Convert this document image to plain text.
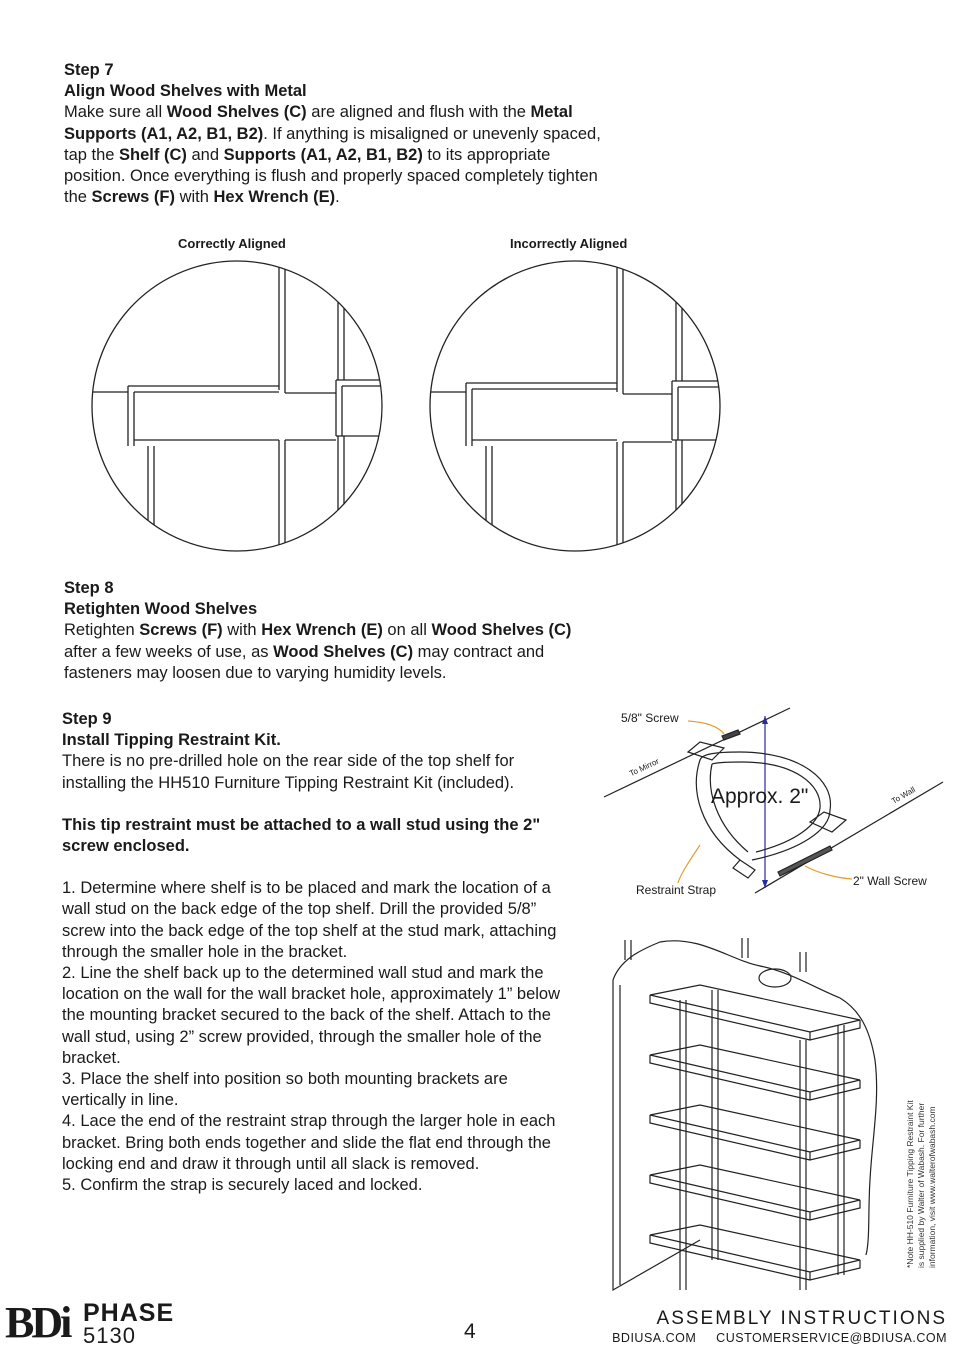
Step 7
Align Wood Shelves with Metal
Make sure all Wood Shelves (C) are aligned and flush with the Metal Supports (A1, A2, B1, B2). If anything is misaligned or unevenly spaced, tap the Shelf (C) and Supports (A1, A2, B1, B2) to its appropriate position. Once everything is flush and properly spaced completely tighten the Screws (F) with Hex Wrench (E).
Correctly Aligned	Incorrectly Aligned
Step 8
Retighten Wood Shelves
Retighten Screws (F) with Hex Wrench (E) on all Wood Shelves (C) after a few weeks of use, as Wood Shelves (C) may contract and fasteners may loosen due to varying humidity levels.
Step 9
Install Tipping Restraint Kit.
There is no pre-drilled hole on the rear side of the top shelf for installing the HH510 Furniture Tipping Restraint Kit (included).
This tip restraint must be attached to a wall stud using the 2" screw enclosed.
1. Determine where shelf is to be placed and mark the location of a wall stud on the back edge of the top shelf. Drill the provided 5/8” screw into the back edge of the top shelf at the stud mark, attaching through the smaller hole in the bracket.
2. Line the shelf back up to the determined wall stud and mark the location on the wall for the wall bracket hole, approximately 1” below the mounting bracket secured to the back of the shelf. Attach to the wall stud, using 2” screw provided, through the smaller hole of the bracket.
3. Place the shelf into position so both mounting brackets are vertically in line.
4. Lace the end of the restraint strap through the larger hole in each bracket. Bring both ends together and slide the flat end through the locking end and draw it through until all slack is removed.
5. Confirm the strap is securely laced and locked.
5/8" Screw
To Mirror
To Wall
Approx. 2"
Restraint Strap
2" Wall Screw
*Note HH-510 Furniture Tipping Restraint Kit is supplied by Walter of Wabash. For further information, visit www.walterofwabash.com
BDi PHASE
5130	4
ASSEMBLY INSTRUCTIONS
BDIUSA.COM CUSTOMERSERVICE@BDIUSA.COM
